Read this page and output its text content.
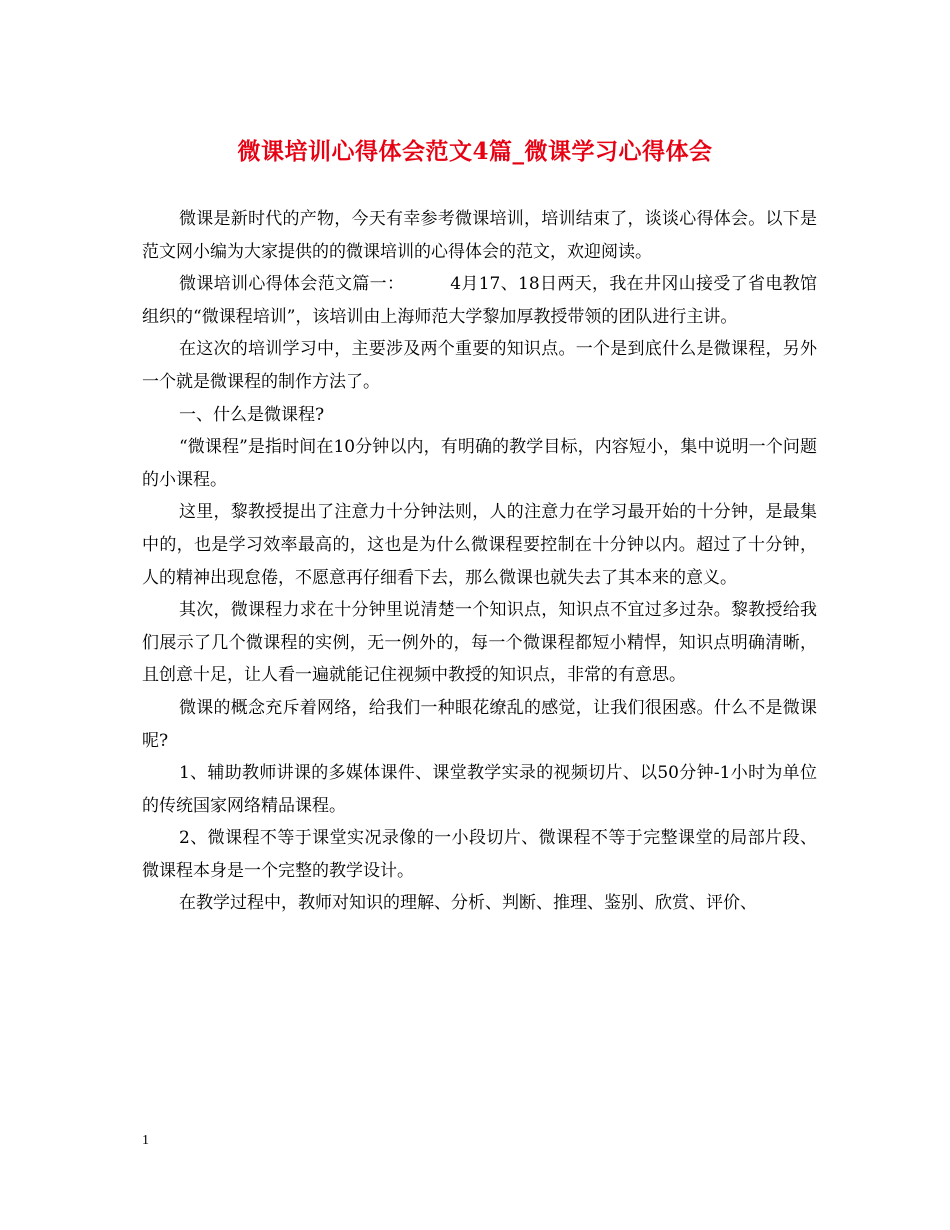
微课培训心得体会范文4篇_微课学习心得体会

微课是新时代的产物，今天有幸参考微课培训，培训结束了，谈谈心得体会。以下是范文网小编为大家提供的的微课培训的心得体会的范文，欢迎阅读。

微课培训心得体会范文篇一：        4月17、18日两天，我在井冈山接受了省电教馆组织的“微课程培训”，该培训由上海师范大学黎加厚教授带领的团队进行主讲。

在这次的培训学习中，主要涉及两个重要的知识点。一个是到底什么是微课程，另外一个就是微课程的制作方法了。

一、什么是微课程?

“微课程”是指时间在10分钟以内，有明确的教学目标，内容短小，集中说明一个问题的小课程。

这里，黎教授提出了注意力十分钟法则，人的注意力在学习最开始的十分钟，是最集中的，也是学习效率最高的，这也是为什么微课程要控制在十分钟以内。超过了十分钟，人的精神出现怠倦，不愿意再仔细看下去，那么微课也就失去了其本来的意义。

其次，微课程力求在十分钟里说清楚一个知识点，知识点不宜过多过杂。黎教授给我们展示了几个微课程的实例，无一例外的，每一个微课程都短小精悍，知识点明确清晰，且创意十足，让人看一遍就能记住视频中教授的知识点，非常的有意思。

微课的概念充斥着网络，给我们一种眼花缭乱的感觉，让我们很困惑。什么不是微课呢?

1、辅助教师讲课的多媒体课件、课堂教学实录的视频切片、以50分钟-1小时为单位的传统国家网络精品课程。

2、微课程不等于课堂实况录像的一小段切片、微课程不等于完整课堂的局部片段、微课程本身是一个完整的教学设计。

在教学过程中，教师对知识的理解、分析、判断、推理、鉴别、欣赏、评价、

1
